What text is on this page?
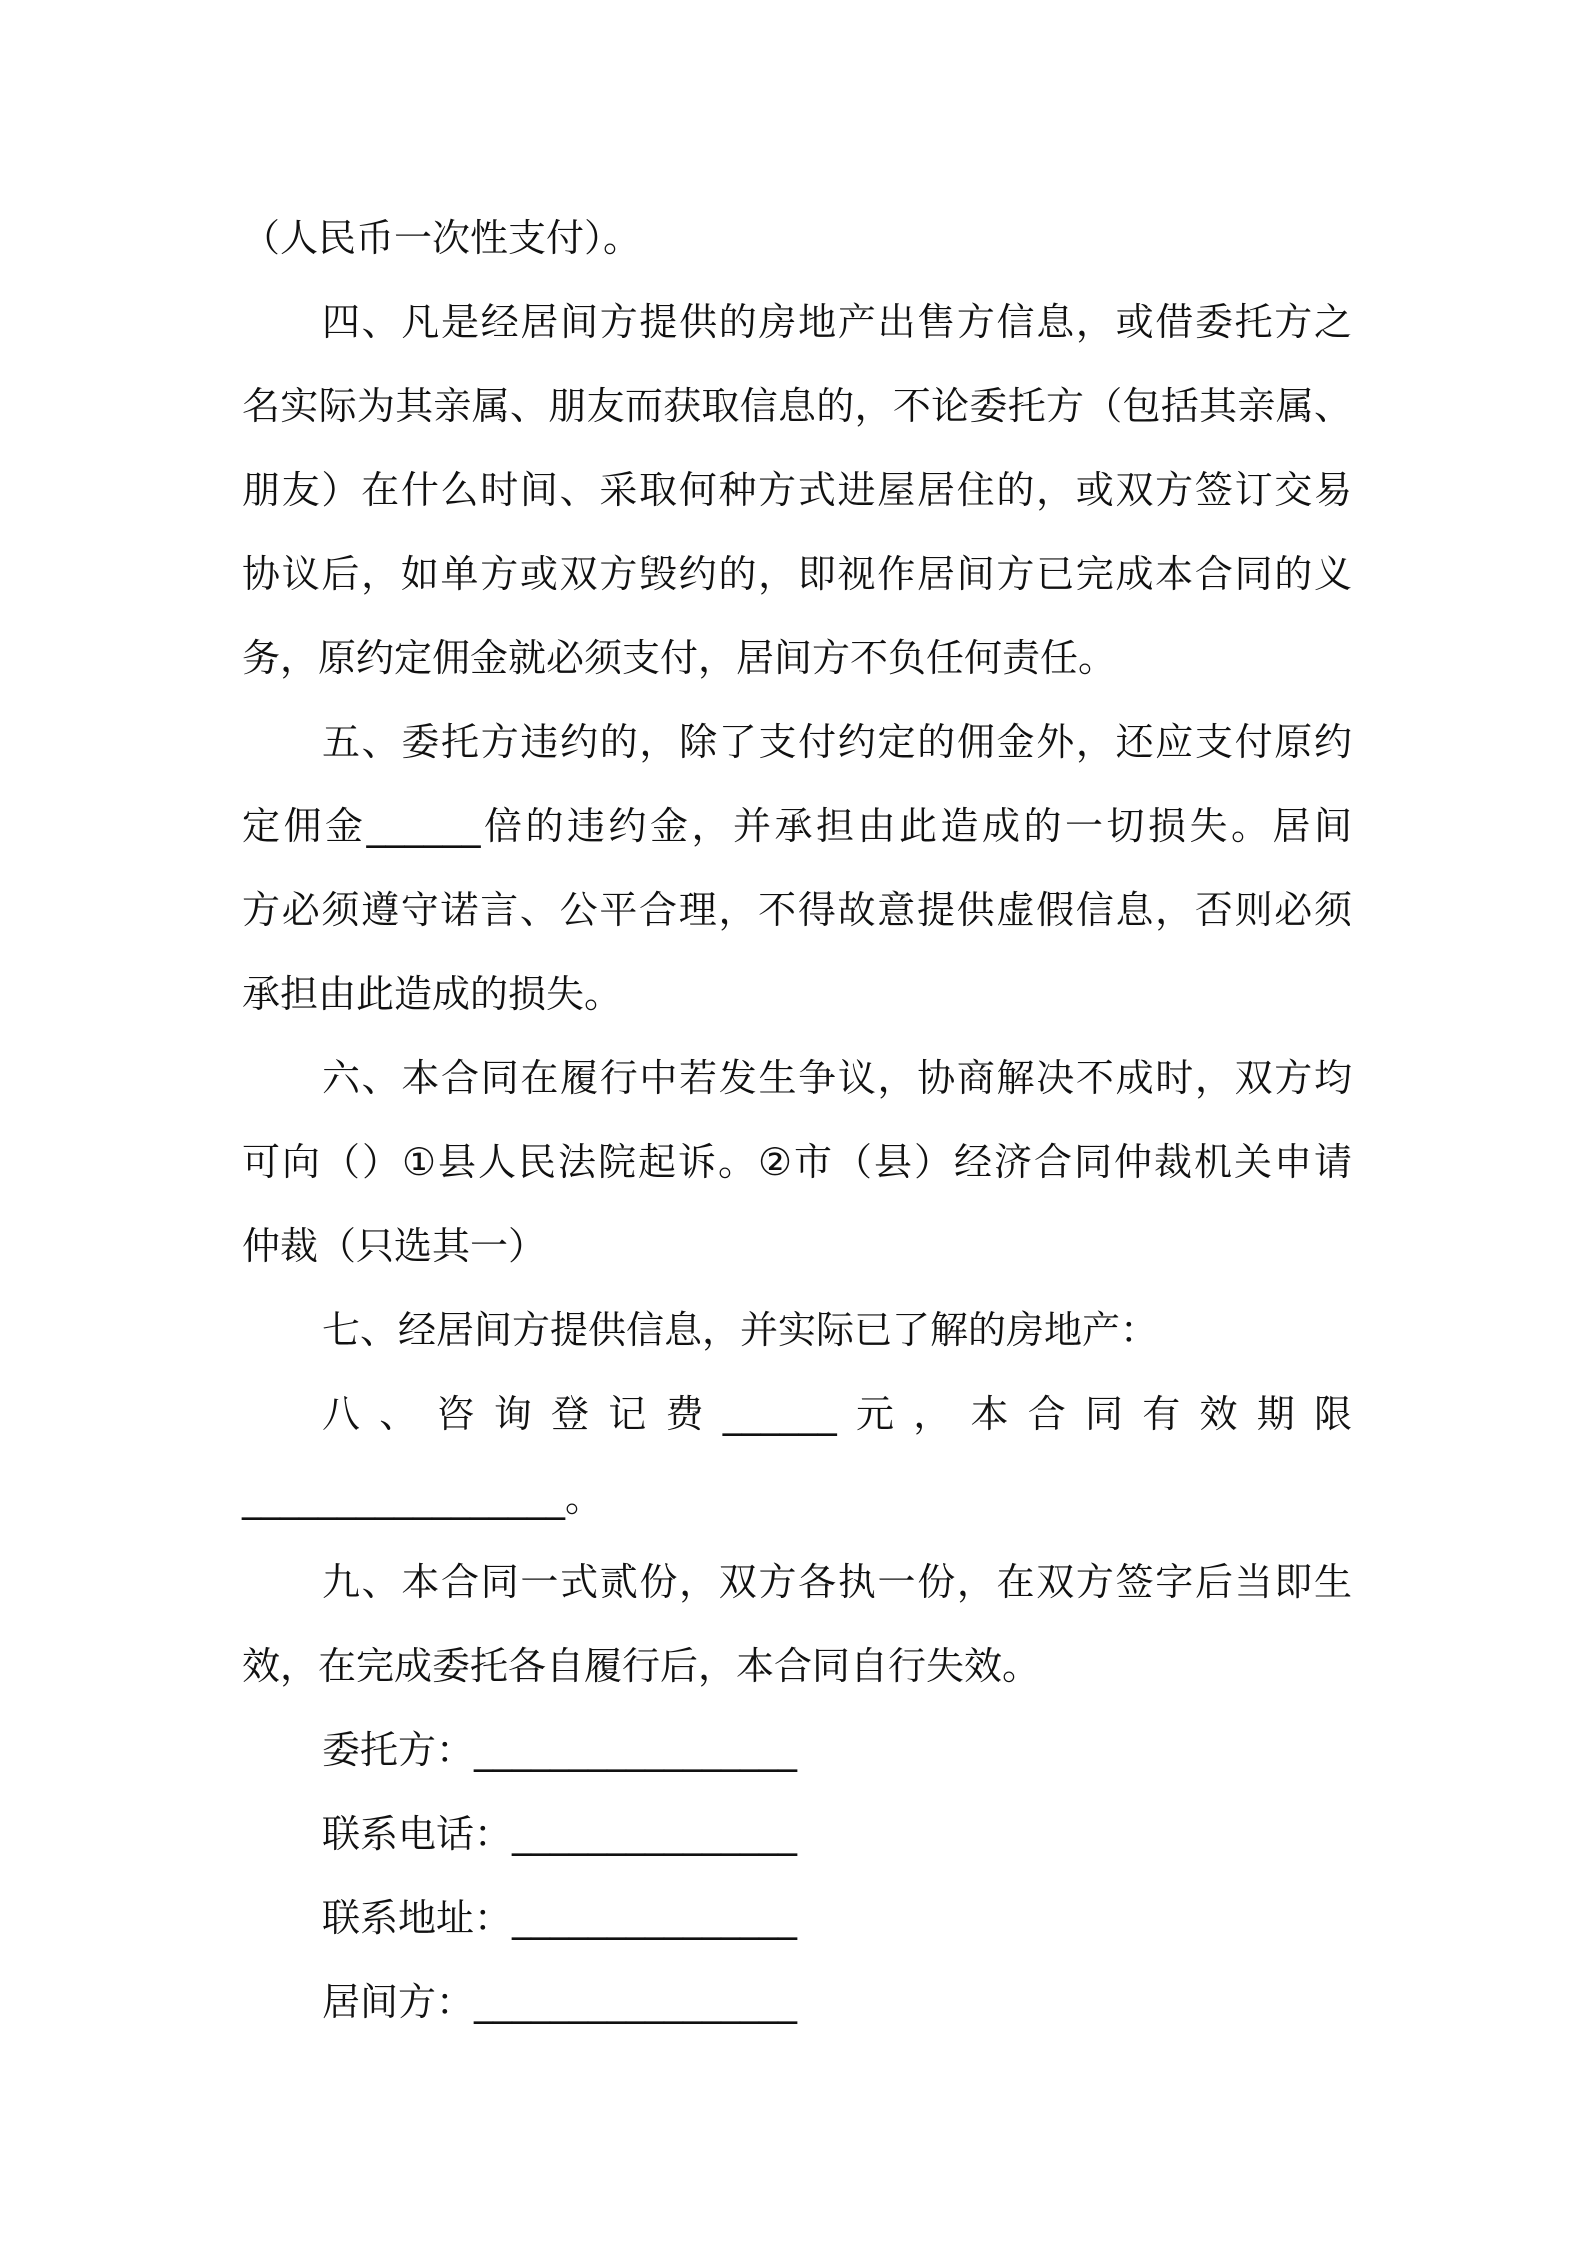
（人民币一次性支付）。
四、凡是经居间方提供的房地产出售方信息，或借委托方之
名实际为其亲属、朋友而获取信息的，不论委托方（包括其亲属、
朋友）在什么时间、采取何种方式进屋居住的，或双方签订交易
协议后，如单方或双方毁约的，即视作居间方已完成本合同的义
务，原约定佣金就必须支付，居间方不负任何责任。
五、委托方违约的，除了支付约定的佣金外，还应支付原约
定佣金______倍的违约金，并承担由此造成的一切损失。居间
方必须遵守诺言、公平合理，不得故意提供虚假信息，否则必须
承担由此造成的损失。
六、本合同在履行中若发生争议，协商解决不成时，双方均
可向（）①县人民法院起诉。②市（县）经济合同仲裁机关申请
仲裁（只选其一）
七、经居间方提供信息，并实际已了解的房地产：
八、咨询登记费______元，本合同有效期限
_________________。
九、本合同一式贰份，双方各执一份，在双方签字后当即生
效，在完成委托各自履行后，本合同自行失效。
委托方：_________________
联系电话：_______________
联系地址：_______________
居间方：_________________
